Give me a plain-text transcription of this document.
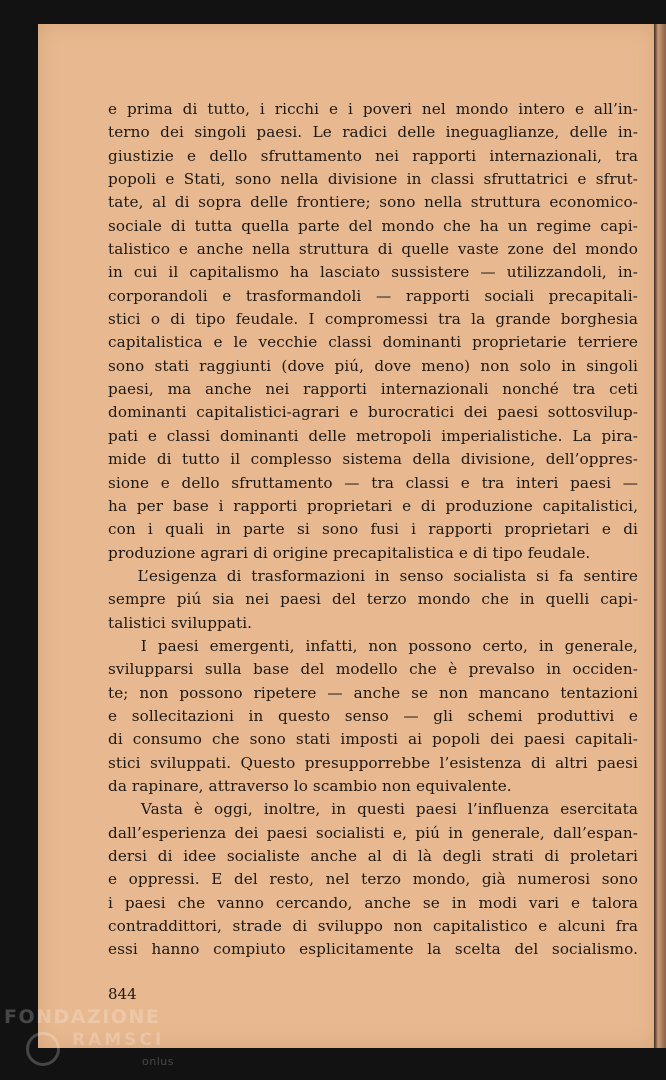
e prima di tutto, i ricchi e i poveri nel mondo intero e all’in-
terno dei singoli paesi. Le radici delle ineguaglianze, delle in-
giustizie e dello sfruttamento nei rapporti internazionali, tra
popoli e Stati, sono nella divisione in classi sfruttatrici e sfrut-
tate, al di sopra delle frontiere; sono nella struttura economico-
sociale di tutta quella parte del mondo che ha un regime capi-
talistico e anche nella struttura di quelle vaste zone del mondo
in cui il capitalismo ha lasciato sussistere — utilizzandoli, in-
corporandoli e trasformandoli — rapporti sociali precapitali-
stici o di tipo feudale. I compromessi tra la grande borghesia
capitalistica e le vecchie classi dominanti proprietarie terriere
sono stati raggiunti (dove piú, dove meno) non solo in singoli
paesi, ma anche nei rapporti internazionali nonché tra ceti
dominanti capitalistici-agrari e burocratici dei paesi sottosvilup-
pati e classi dominanti delle metropoli imperialistiche. La pira-
mide di tutto il complesso sistema della divisione, dell’oppres-
sione e dello sfruttamento — tra classi e tra interi paesi —
ha per base i rapporti proprietari e di produzione capitalistici,
con i quali in parte si sono fusi i rapporti proprietari e di
produzione agrari di origine precapitalistica e di tipo feudale.
L’esigenza di trasformazioni in senso socialista si fa sentire
sempre piú sia nei paesi del terzo mondo che in quelli capi-
talistici sviluppati.
I paesi emergenti, infatti, non possono certo, in generale,
svilupparsi sulla base del modello che è prevalso in occiden-
te; non possono ripetere — anche se non mancano tentazioni
e sollecitazioni in questo senso — gli schemi produttivi e
di consumo che sono stati imposti ai popoli dei paesi capitali-
stici sviluppati. Questo presupporrebbe l’esistenza di altri paesi
da rapinare, attraverso lo scambio non equivalente.
Vasta è oggi, inoltre, in questi paesi l’influenza esercitata
dall’esperienza dei paesi socialisti e, piú in generale, dall’espan-
dersi di idee socialiste anche al di là degli strati di proletari
e oppressi. E del resto, nel terzo mondo, già numerosi sono
i paesi che vanno cercando, anche se in modi vari e talora
contraddittori, strade di sviluppo non capitalistico e alcuni fra
essi hanno compiuto esplicitamente la scelta del socialismo.
844
FONDAZIONE
RAMSCI
onlus
